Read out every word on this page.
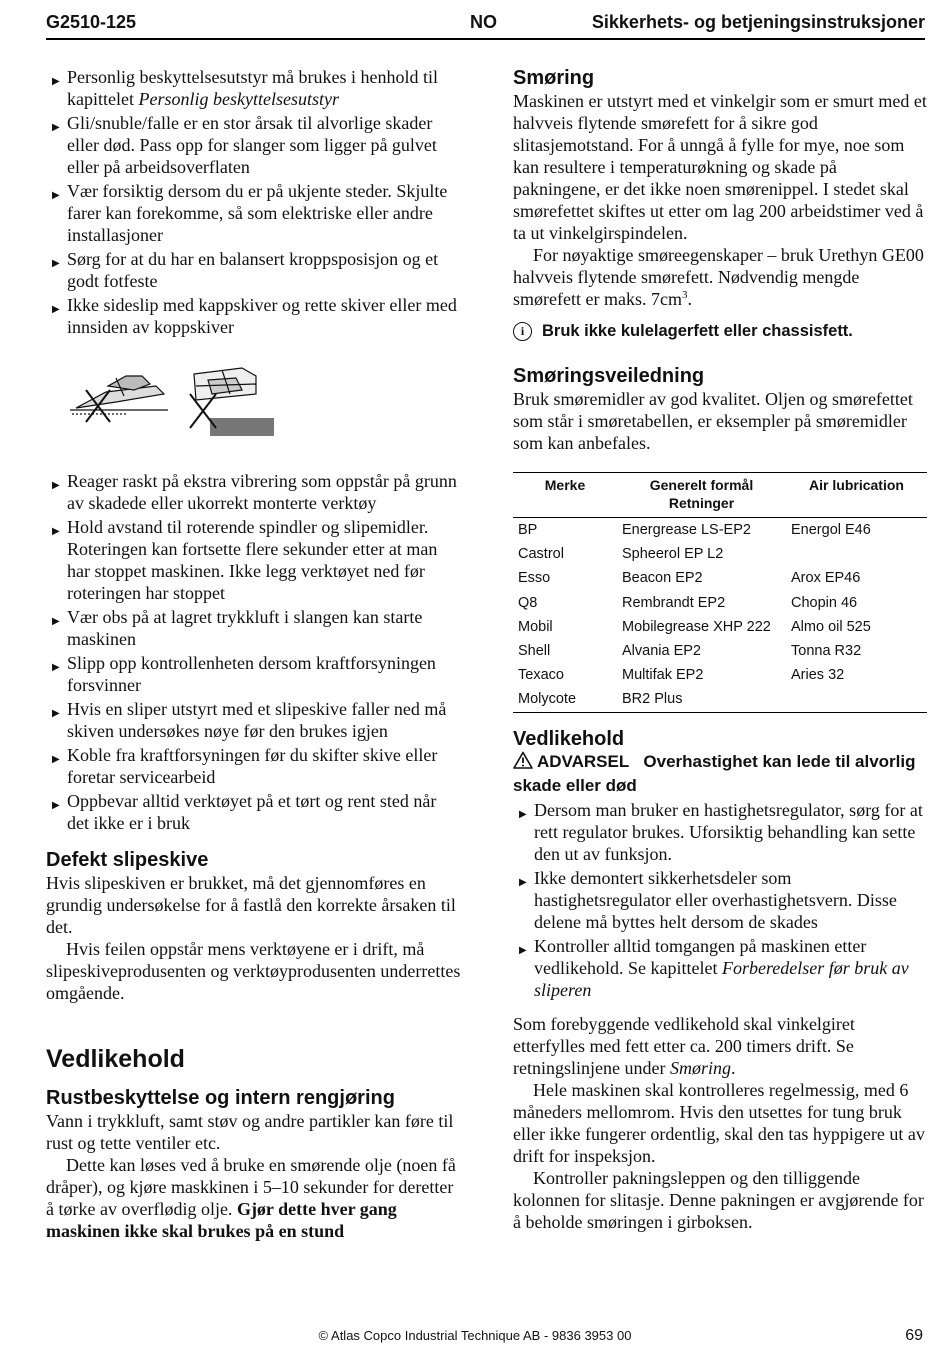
G2510-125	NO	Sikkerhets- og betjeningsinstruksjoner
▶ Personlig beskyttelsesutstyr må brukes i henhold til kapittelet Personlig beskyttelsesutstyr
▶ Gli/snuble/falle er en stor årsak til alvorlige skader eller død. Pass opp for slanger som ligger på gulvet eller på arbeidsoverflaten
▶ Vær forsiktig dersom du er på ukjente steder. Skjulte farer kan forekomme, så som elektriske eller andre installasjoner
▶ Sørg for at du har en balansert kroppsposisjon og et godt fotfeste
▶ Ikke sideslip med kappskiver og rette skiver eller med innsiden av koppskiver
▶ Reager raskt på ekstra vibrering som oppstår på grunn av skadede eller ukorrekt monterte verktøy
▶ Hold avstand til roterende spindler og slipemidler. Roteringen kan fortsette flere sekunder etter at man har stoppet maskinen. Ikke legg verktøyet ned før roteringen har stoppet
▶ Vær obs på at lagret trykkluft i slangen kan starte maskinen
▶ Slipp opp kontrollenheten dersom kraftforsyningen forsvinner
▶ Hvis en sliper utstyrt med et slipeskive faller ned må skiven undersøkes nøye før den brukes igjen
▶ Koble fra kraftforsyningen før du skifter skive eller foretar servicearbeid
▶ Oppbevar alltid verktøyet på et tørt og rent sted når det ikke er i bruk
Defekt slipeskive

Hvis slipeskiven er brukket, må det gjennomføres en grundig undersøkelse for å fastlå den korrekte årsaken til det.

Hvis feilen oppstår mens verktøyene er i drift, må slipeskiveprodusenten og verktøyprodusenten underrettes omgående.

Vedlikehold
Rustbeskyttelse og intern rengjøring

Vann i trykkluft, samt støv og andre partikler kan føre til rust og tette ventiler etc.

Dette kan løses ved å bruke en smørende olje (noen få dråper), og kjøre maskkinen i 5–10 sekunder for deretter å tørke av overflødig olje. Gjør dette hver gang maskinen ikke skal brukes på en stund

Smøring

Maskinen er utstyrt med et vinkelgir som er smurt med et halvveis flytende smørefett for å sikre god slitasjemotstand. For å unngå å fylle for mye, noe som kan resultere i temperaturøkning og skade på pakningene, er det ikke noen smørenippel. I stedet skal smørefettet skiftes ut etter om lag 200 arbeidstimer ved å ta ut vinkelgirspindelen.

For nøyaktige smøreegenskaper – bruk Urethyn GE00 halvveis flytende smørefett. Nødvendig mengde smørefett er maks. $7cm^3$.

i	Bruk ikke kulelagerfett eller chassisfett.
Smøringsveiledning

Bruk smøremidler av god kvalitet. Oljen og smørefettet som står i smøretabellen, er eksempler på smøremidler som kan anbefales.

Merke	Generelt formål Retninger	Air lubrication
BP	Energrease LS-EP2	Energol E46
Castrol	Spheerol EP L2	
Esso	Beacon EP2	Arox EP46
Q8	Rembrandt EP2	Chopin 46
Mobil	Mobilegrease XHP 222	Almo oil 525
Shell	Alvania EP2	Tonna R32
Texaco	Multifak EP2	Aries 32
Molycote	BR2 Plus	
Vedlikehold
ADVARSEL Overhastighet kan lede til alvorlig skade eller død
▶ Dersom man bruker en hastighetsregulator, sørg for at rett regulator brukes. Uforsiktig behandling kan sette den ut av funksjon.
▶ Ikke demontert sikkerhetsdeler som hastighetsregulator eller overhastighetsvern. Disse delene må byttes helt dersom de skades
▶ Kontroller alltid tomgangen på maskinen etter vedlikehold. Se kapittelet Forberedelser før bruk av sliperen

Som forebyggende vedlikehold skal vinkelgiret etterfylles med fett etter ca. 200 timers drift. Se retningslinjene under Smøring.

Hele maskinen skal kontrolleres regelmessig, med 6 måneders mellomrom. Hvis den utsettes for tung bruk eller ikke fungerer ordentlig, skal den tas hyppigere ut av drift for inspeksjon.

Kontroller pakningsleppen og den tilliggende kolonnen for slitasje. Denne pakningen er avgjørende for å beholde smøringen i girboksen.

© Atlas Copco Industrial Technique AB - 9836 3953 00	69
